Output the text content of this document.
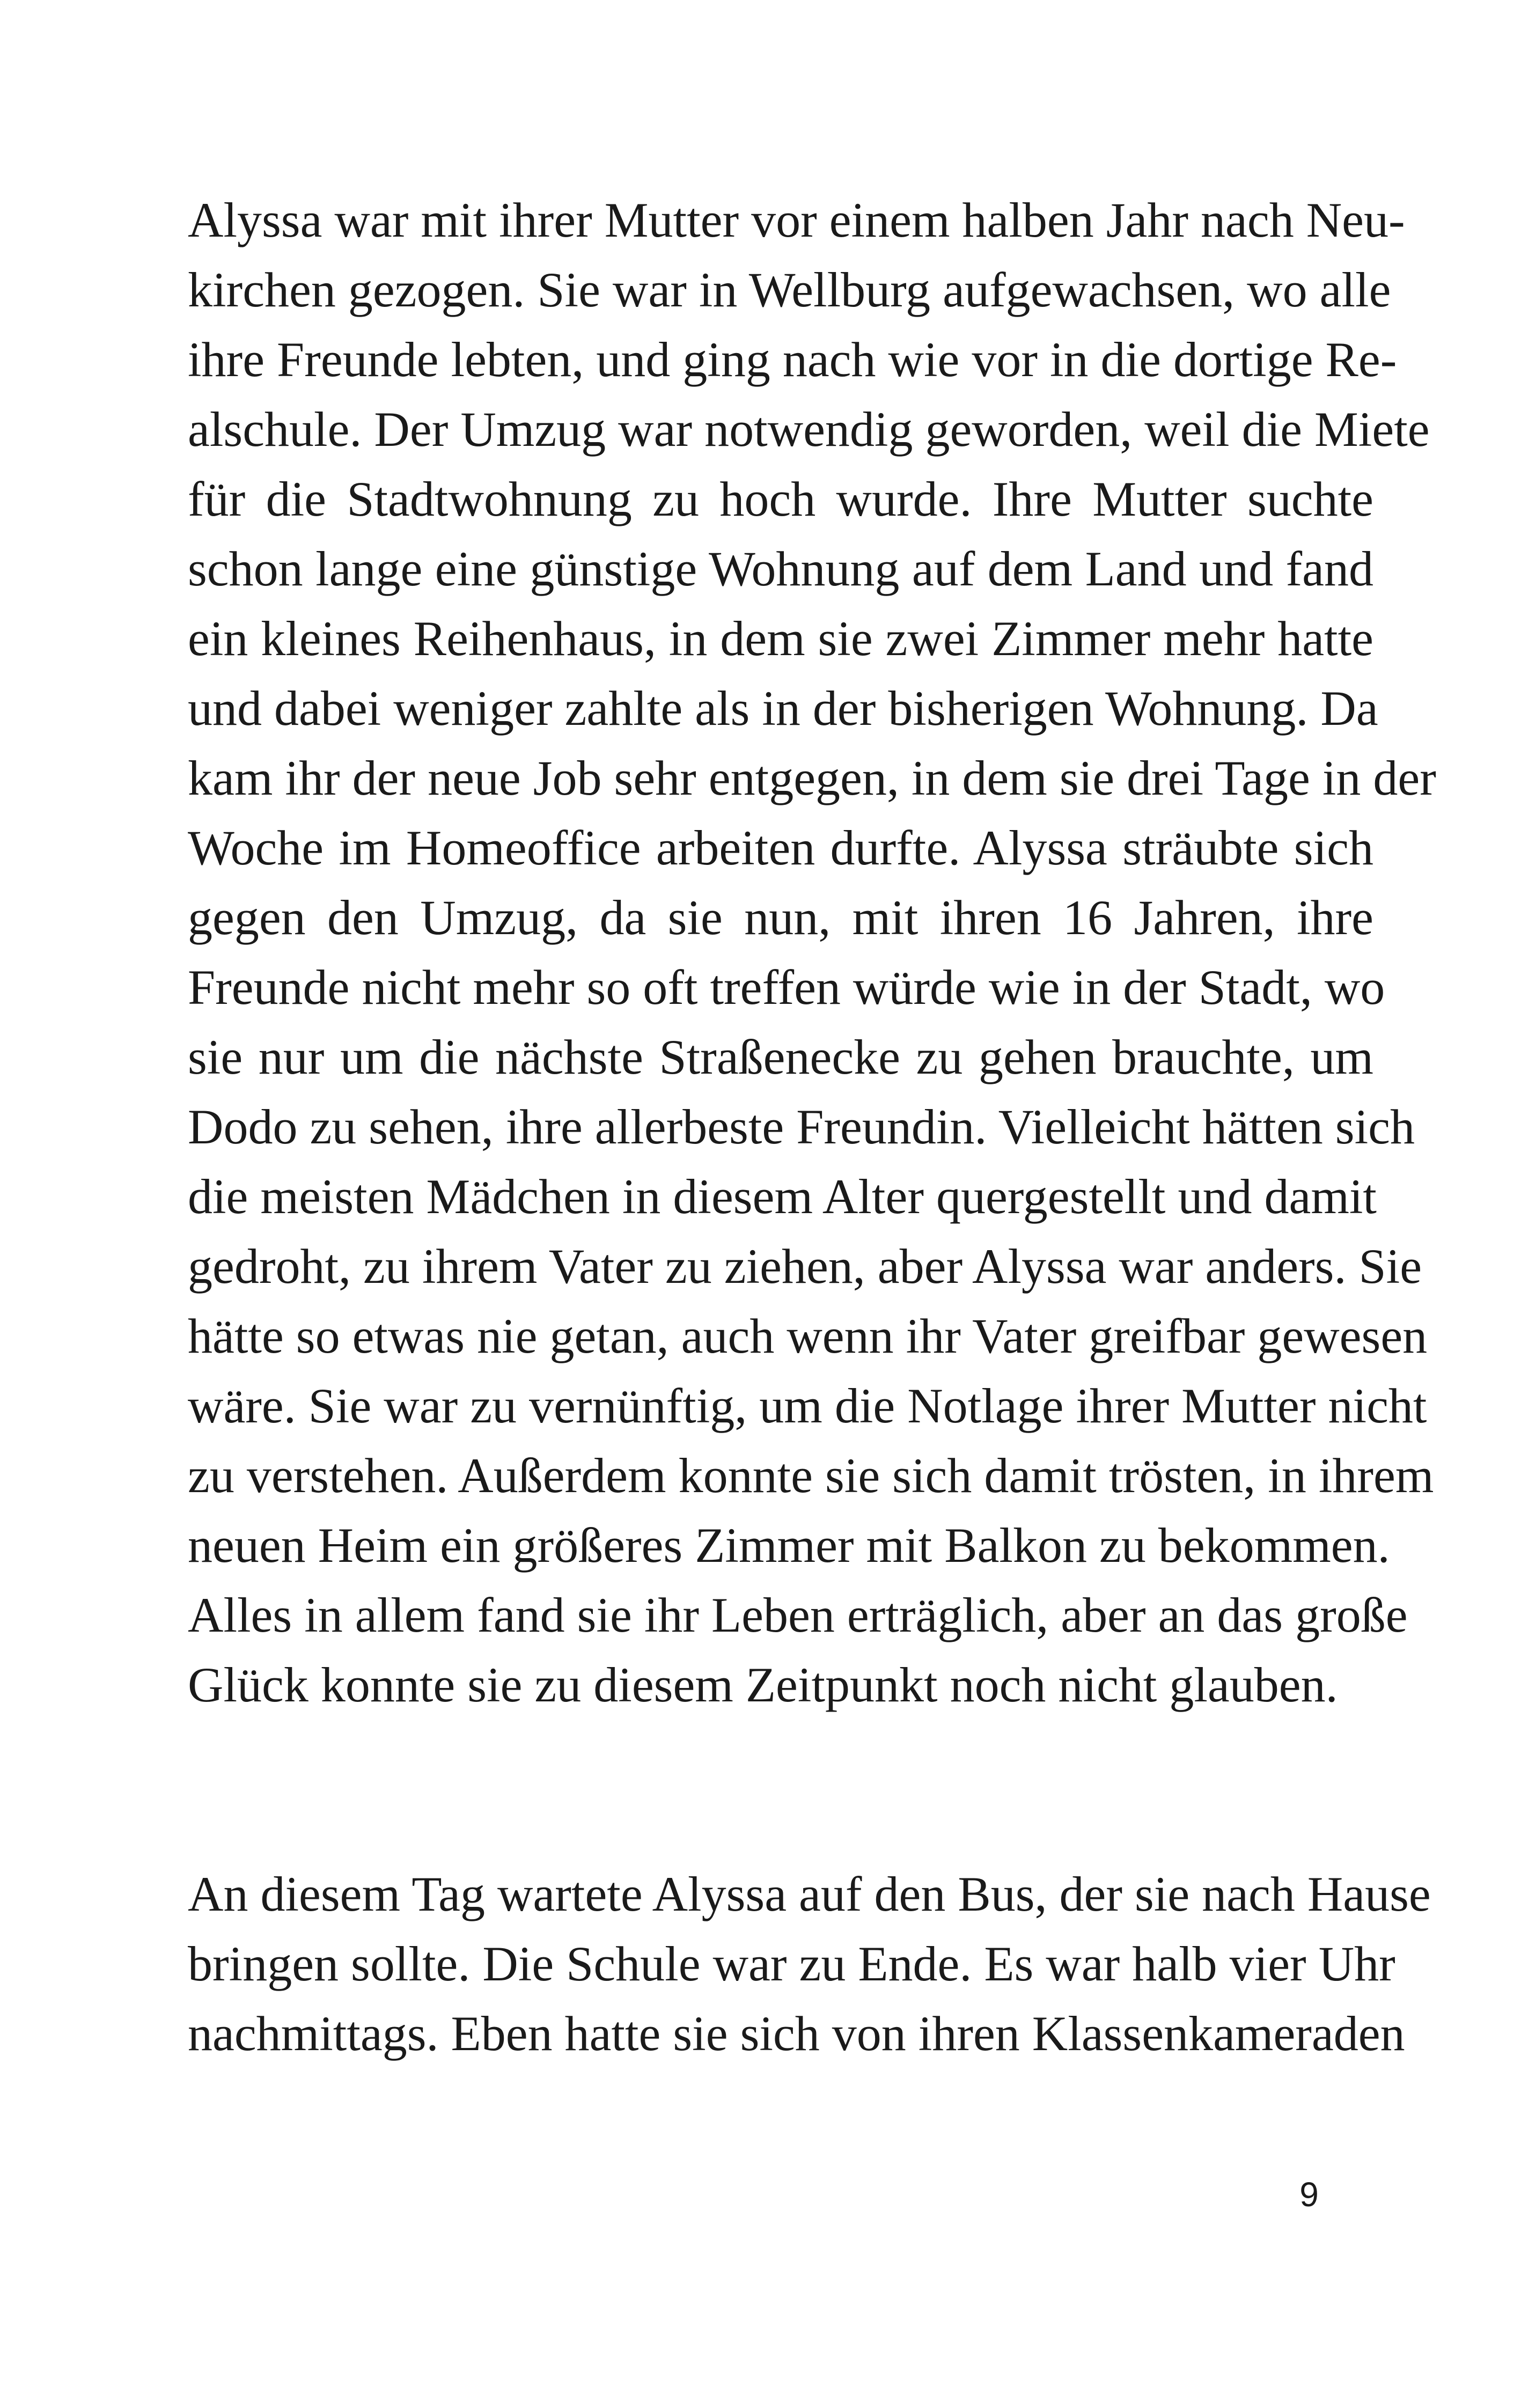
Alyssa war mit ihrer Mutter vor einem halben Jahr nach Neu-
kirchen gezogen. Sie war in Wellburg aufgewachsen, wo alle
ihre Freunde lebten, und ging nach wie vor in die dortige Re-
alschule. Der Umzug war notwendig geworden, weil die Miete
für die Stadtwohnung zu hoch wurde. Ihre Mutter suchte
schon lange eine günstige Wohnung auf dem Land und fand
ein kleines Reihenhaus, in dem sie zwei Zimmer mehr hatte
und dabei weniger zahlte als in der bisherigen Wohnung. Da
kam ihr der neue Job sehr entgegen, in dem sie drei Tage in der
Woche im Homeoffice arbeiten durfte. Alyssa sträubte sich
gegen den Umzug, da sie nun, mit ihren 16 Jahren, ihre
Freunde nicht mehr so oft treffen würde wie in der Stadt, wo
sie nur um die nächste Straßenecke zu gehen brauchte, um
Dodo zu sehen, ihre allerbeste Freundin. Vielleicht hätten sich
die meisten Mädchen in diesem Alter quergestellt und damit
gedroht, zu ihrem Vater zu ziehen, aber Alyssa war anders. Sie
hätte so etwas nie getan, auch wenn ihr Vater greifbar gewesen
wäre. Sie war zu vernünftig, um die Notlage ihrer Mutter nicht
zu verstehen. Außerdem konnte sie sich damit trösten, in ihrem
neuen Heim ein größeres Zimmer mit Balkon zu bekommen.
Alles in allem fand sie ihr Leben erträglich, aber an das große
Glück konnte sie zu diesem Zeitpunkt noch nicht glauben.

An diesem Tag wartete Alyssa auf den Bus, der sie nach Hause
bringen sollte. Die Schule war zu Ende. Es war halb vier Uhr
nachmittags. Eben hatte sie sich von ihren Klassenkameraden

9
